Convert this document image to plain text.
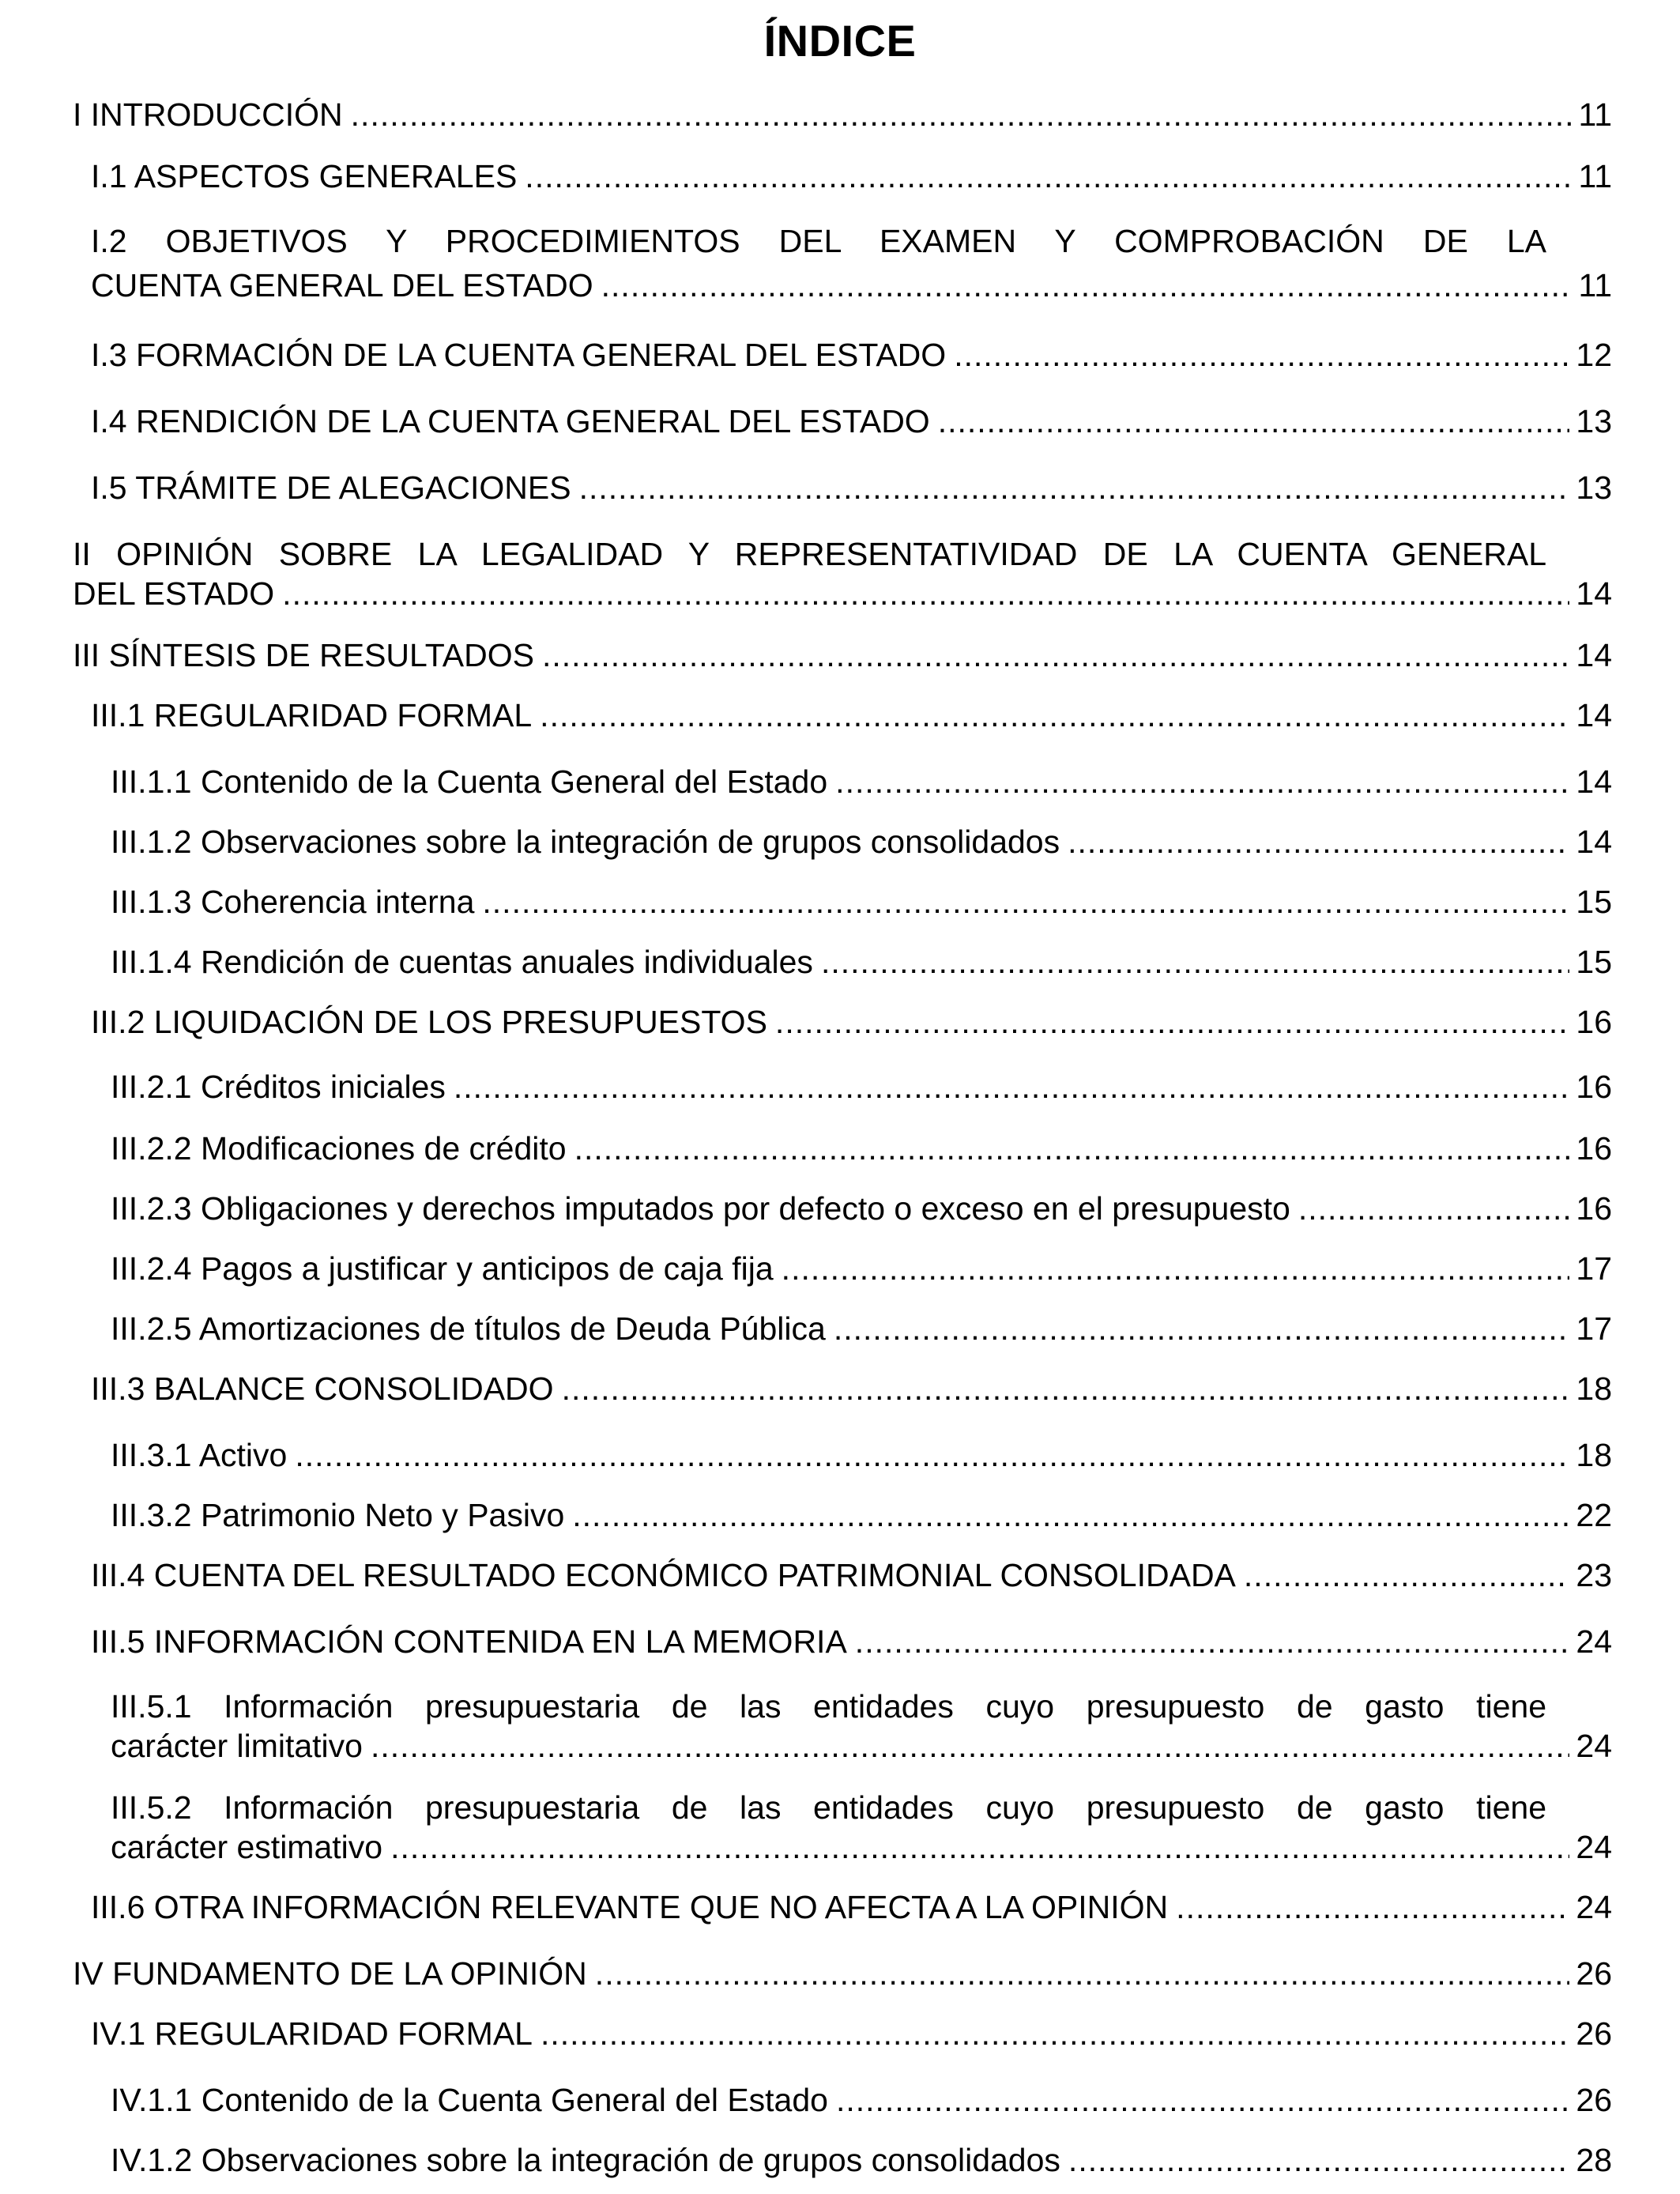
ÍNDICE
I INTRODUCCIÓN .....	11
I.1 ASPECTOS GENERALES .....	11
I.2 OBJETIVOS Y PROCEDIMIENTOS DEL EXAMEN Y COMPROBACIÓN DE LA
CUENTA GENERAL DEL ESTADO .....	11
I.3 FORMACIÓN DE LA CUENTA GENERAL DEL ESTADO .....	12
I.4 RENDICIÓN DE LA CUENTA GENERAL DEL ESTADO .....	13
I.5 TRÁMITE DE ALEGACIONES .....	13
II OPINIÓN SOBRE LA LEGALIDAD Y REPRESENTATIVIDAD DE LA CUENTA GENERAL
DEL ESTADO .....	14
III SÍNTESIS DE RESULTADOS .....	14
III.1 REGULARIDAD FORMAL .....	14
III.1.1 Contenido de la Cuenta General del Estado .....	14
III.1.2 Observaciones sobre la integración de grupos consolidados .....	14
III.1.3 Coherencia interna .....	15
III.1.4 Rendición de cuentas anuales individuales .....	15
III.2 LIQUIDACIÓN DE LOS PRESUPUESTOS .....	16
III.2.1 Créditos iniciales .....	16
III.2.2 Modificaciones de crédito .....	16
III.2.3 Obligaciones y derechos imputados por defecto o exceso en el presupuesto .....	16
III.2.4 Pagos a justificar y anticipos de caja fija .....	17
III.2.5 Amortizaciones de títulos de Deuda Pública .....	17
III.3 BALANCE CONSOLIDADO .....	18
III.3.1 Activo .....	18
III.3.2 Patrimonio Neto y Pasivo .....	22
III.4 CUENTA DEL RESULTADO ECONÓMICO PATRIMONIAL CONSOLIDADA .....	23
III.5 INFORMACIÓN CONTENIDA EN LA MEMORIA .....	24
III.5.1 Información presupuestaria de las entidades cuyo presupuesto de gasto tiene
carácter limitativo .....	24
III.5.2 Información presupuestaria de las entidades cuyo presupuesto de gasto tiene
carácter estimativo .....	24
III.6 OTRA INFORMACIÓN RELEVANTE QUE NO AFECTA A LA OPINIÓN .....	24
IV FUNDAMENTO DE LA OPINIÓN .....	26
IV.1 REGULARIDAD FORMAL .....	26
IV.1.1 Contenido de la Cuenta General del Estado .....	26
IV.1.2 Observaciones sobre la integración de grupos consolidados .....	28
